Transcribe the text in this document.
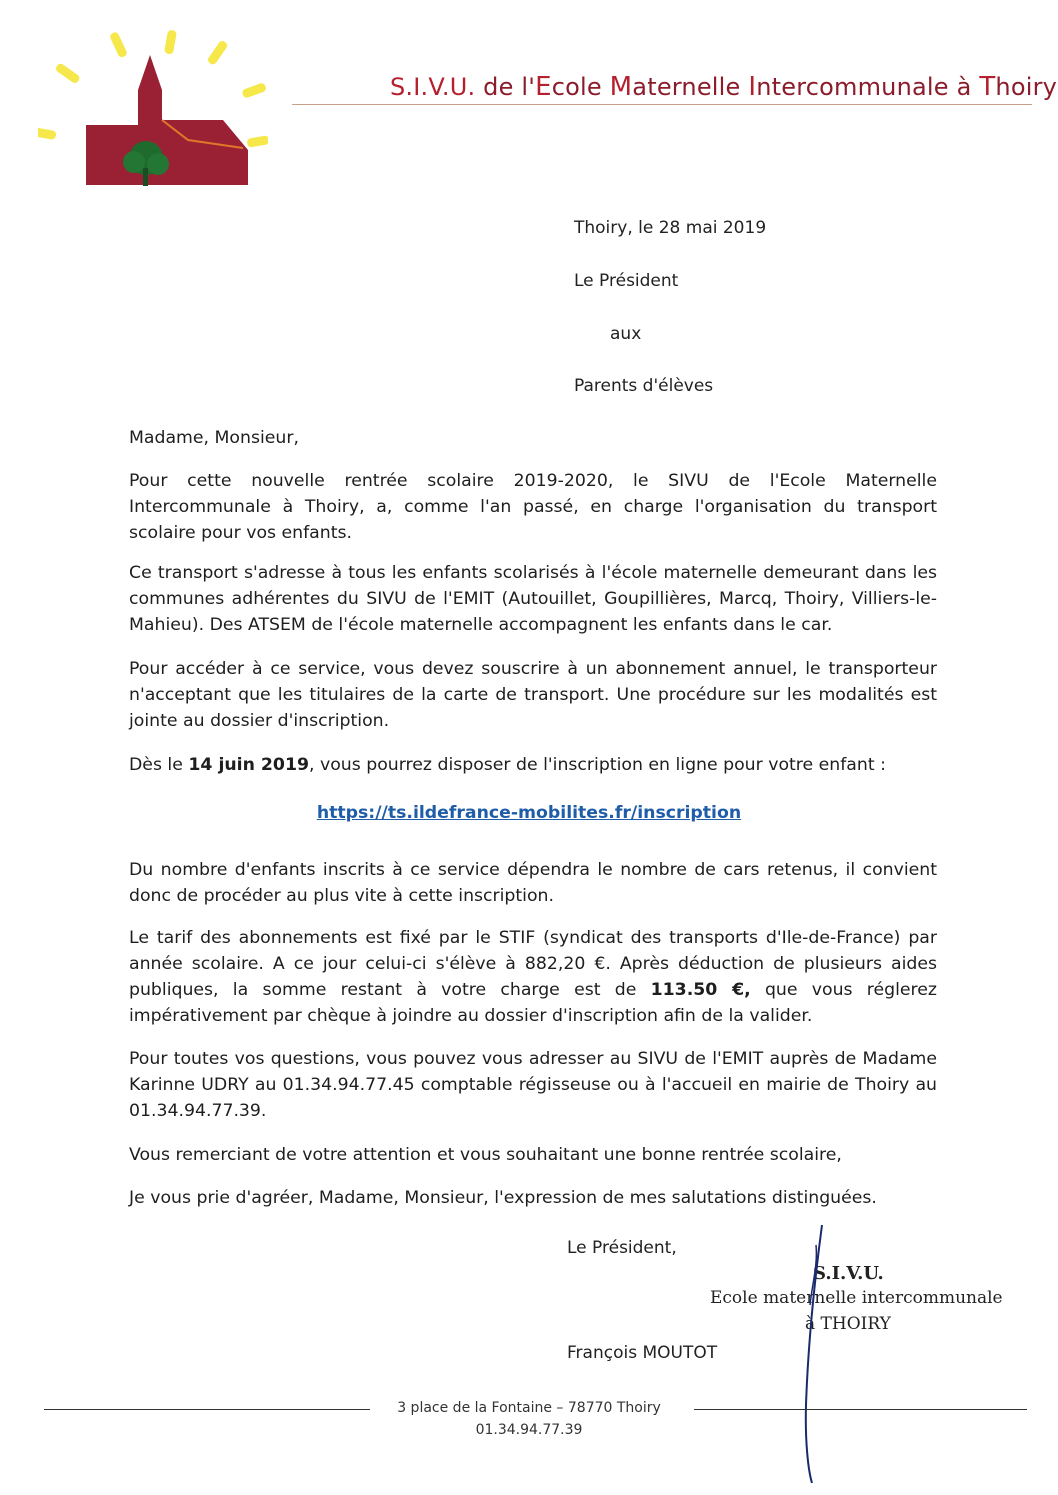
S.I.V.U. de l'Ecole Maternelle Intercommunale à Thoiry
Thoiry, le 28 mai 2019
Le Président
aux
Parents d'élèves
Madame, Monsieur,

Pour cette nouvelle rentrée scolaire 2019-2020, le SIVU de l'Ecole Maternelle Intercommunale à Thoiry, a, comme l'an passé, en charge l'organisation du transport scolaire pour vos enfants.

Ce transport s'adresse à tous les enfants scolarisés à l'école maternelle demeurant dans les communes adhérentes du SIVU de l'EMIT (Autouillet, Goupillières, Marcq, Thoiry, Villiers-le-Mahieu). Des ATSEM de l'école maternelle accompagnent les enfants dans le car.

Pour accéder à ce service, vous devez souscrire à un abonnement annuel, le transporteur n'acceptant que les titulaires de la carte de transport. Une procédure sur les modalités est jointe au dossier d'inscription.

Dès le 14 juin 2019, vous pourrez disposer de l'inscription en ligne pour votre enfant :

https://ts.ildefrance-mobilites.fr/inscription

Du nombre d'enfants inscrits à ce service dépendra le nombre de cars retenus, il convient donc de procéder au plus vite à cette inscription.

Le tarif des abonnements est fixé par le STIF (syndicat des transports d'Ile-de-France) par année scolaire. A ce jour celui-ci s'élève à 882,20 €. Après déduction de plusieurs aides publiques, la somme restant à votre charge est de 113.50 €, que vous réglerez impérativement par chèque à joindre au dossier d'inscription afin de la valider.

Pour toutes vos questions, vous pouvez vous adresser au SIVU de l'EMIT auprès de Madame Karinne UDRY au 01.34.94.77.45 comptable régisseuse ou à l'accueil en mairie de Thoiry au 01.34.94.77.39.

Vous remerciant de votre attention et vous souhaitant une bonne rentrée scolaire,

Je vous prie d'agréer, Madame, Monsieur, l'expression de mes salutations distinguées.

Le Président,
François MOUTOT
S.I.V.U.
Ecole maternelle intercommunale
à THOIRY
3 place de la Fontaine – 78770 Thoiry
01.34.94.77.39
